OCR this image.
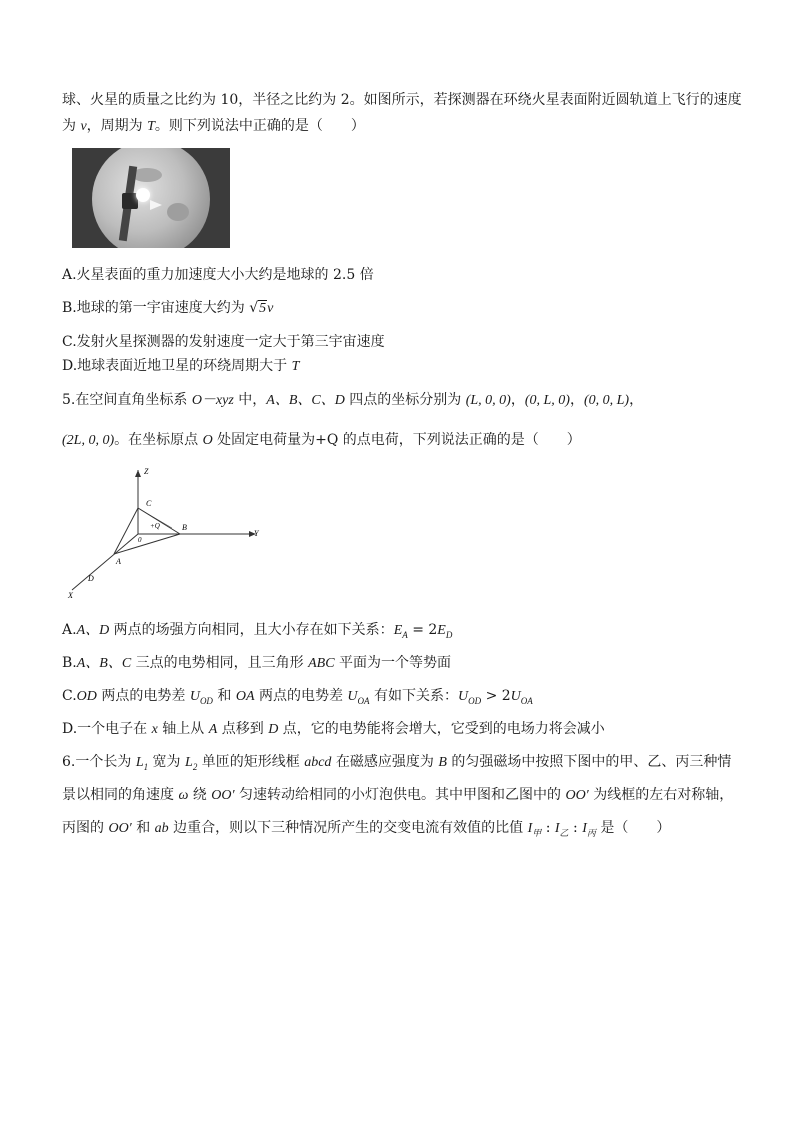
球、火星的质量之比约为 10，半径之比约为 2。如图所示，若探测器在环绕火星表面附近圆轨道上飞行的速度
为 v，周期为 T。则下列说法中正确的是（　　）
A.火星表面的重力加速度大小大约是地球的 2.5 倍
B.地球的第一宇宙速度大约为 √5v
C.发射火星探测器的发射速度一定大于第三宇宙速度
D.地球表面近地卫星的环绕周期大于 T
5.在空间直角坐标系 O－xyz 中，A、B、C、D 四点的坐标分别为 (L, 0, 0)，(0, L, 0)，(0, 0, L)，
(2L, 0, 0)。在坐标原点 O 处固定电荷量为+Q 的点电荷，下列说法正确的是（　　）
Z
Y
X
C
B
A
D
0
+Q
A.A、D 两点的场强方向相同，且大小存在如下关系：$E_A = 2E_D$
B.A、B、C 三点的电势相同，且三角形 ABC 平面为一个等势面
C.OD 两点的电势差 $U_{OD}$ 和 OA 两点的电势差 $U_{OA}$ 有如下关系：$U_{OD} > 2U_{OA}$
D.一个电子在 x 轴上从 A 点移到 D 点，它的电势能将会增大，它受到的电场力将会减小
6.一个长为 $L_1$ 宽为 $L_2$ 单匝的矩形线框 abcd 在磁感应强度为 B 的匀强磁场中按照下图中的甲、乙、丙三种情
景以相同的角速度 ω 绕 OO′ 匀速转动给相同的小灯泡供电。其中甲图和乙图中的 OO′ 为线框的左右对称轴，
丙图的 OO′ 和 ab 边重合，则以下三种情况所产生的交变电流有效值的比值 $I_甲$ : $I_乙$ : $I_丙$ 是（　　）
